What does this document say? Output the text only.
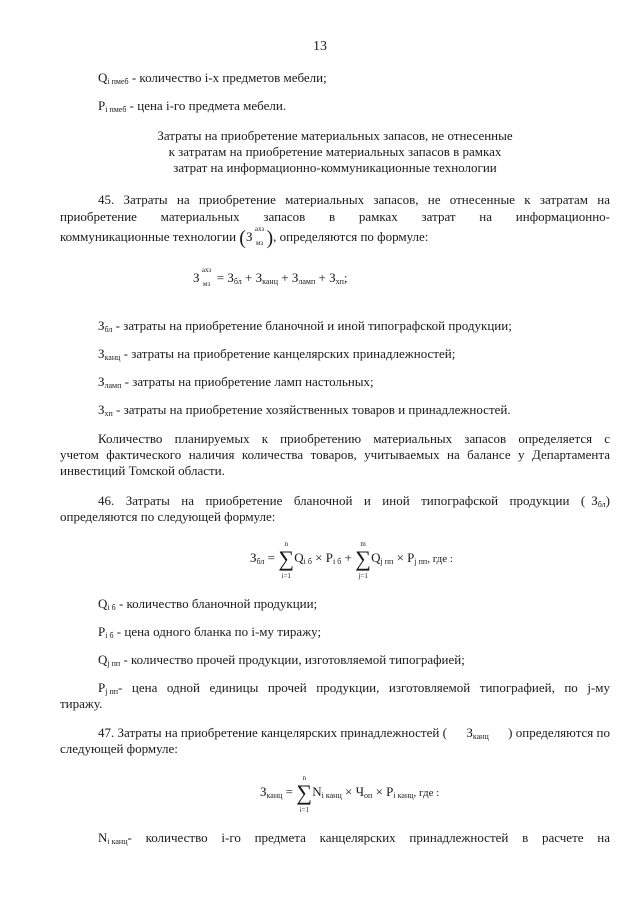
13
$Q_{i пмеб}$ - количество i-х предметов мебели;
$P_{i пмеб}$ - цена i-го предмета мебели.
Затраты на приобретение материальных запасов, не отнесенные
к затратам на приобретение материальных запасов в рамках
затрат на информационно-коммуникационные технологии
45. Затраты на приобретение материальных запасов, не отнесенные к затратам на
приобретение материальных запасов в рамках затрат на информационно-
коммуникационные технологии (З ахз
мз ), определяются по формуле:
З ахз
мз = $З_{бл} + З_{канц} + З_{ламп} + З_{хп}$;
$З_{бл}$ - затраты на приобретение бланочной и иной типографской продукции;
$З_{канц}$ - затраты на приобретение канцелярских принадлежностей;
$З_{ламп}$ - затраты на приобретение ламп настольных;
$З_{хп}$ - затраты на приобретение хозяйственных товаров и принадлежностей.
Количество планируемых к приобретению материальных запасов определяется с
учетом фактического наличия количества товаров, учитываемых на балансе у Департамента
инвестиций Томской области.
46. Затраты на приобретение бланочной и иной типографской продукции ( $З_{бл}$)
определяются по следующей формуле:
$З_{бл}$ =
n
∑
i=1
$Q_{i б} \times P_{i б}$ +
m
∑
j=1
$Q_{j пп} \times P_{j пп}$, где :
$Q_{i б}$ - количество бланочной продукции;
$P_{i б}$ - цена одного бланка по i-му тиражу;
$Q_{j пп}$ - количество прочей продукции, изготовляемой типографией;
$P_{j пп}$ - цена одной единицы прочей продукции, изготовляемой типографией, по j-му
тиражу.
47. Затраты на приобретение канцелярских принадлежностей ( $З_{канц}$ ) определяются по
следующей формуле:
$З_{канц}$ =
n
∑
i=1
$N_{i канц} \times Ч_{оп} \times P_{i канц}$, где :
$N_{i канц}$ - количество i-го предмета канцелярских принадлежностей в расчете на
